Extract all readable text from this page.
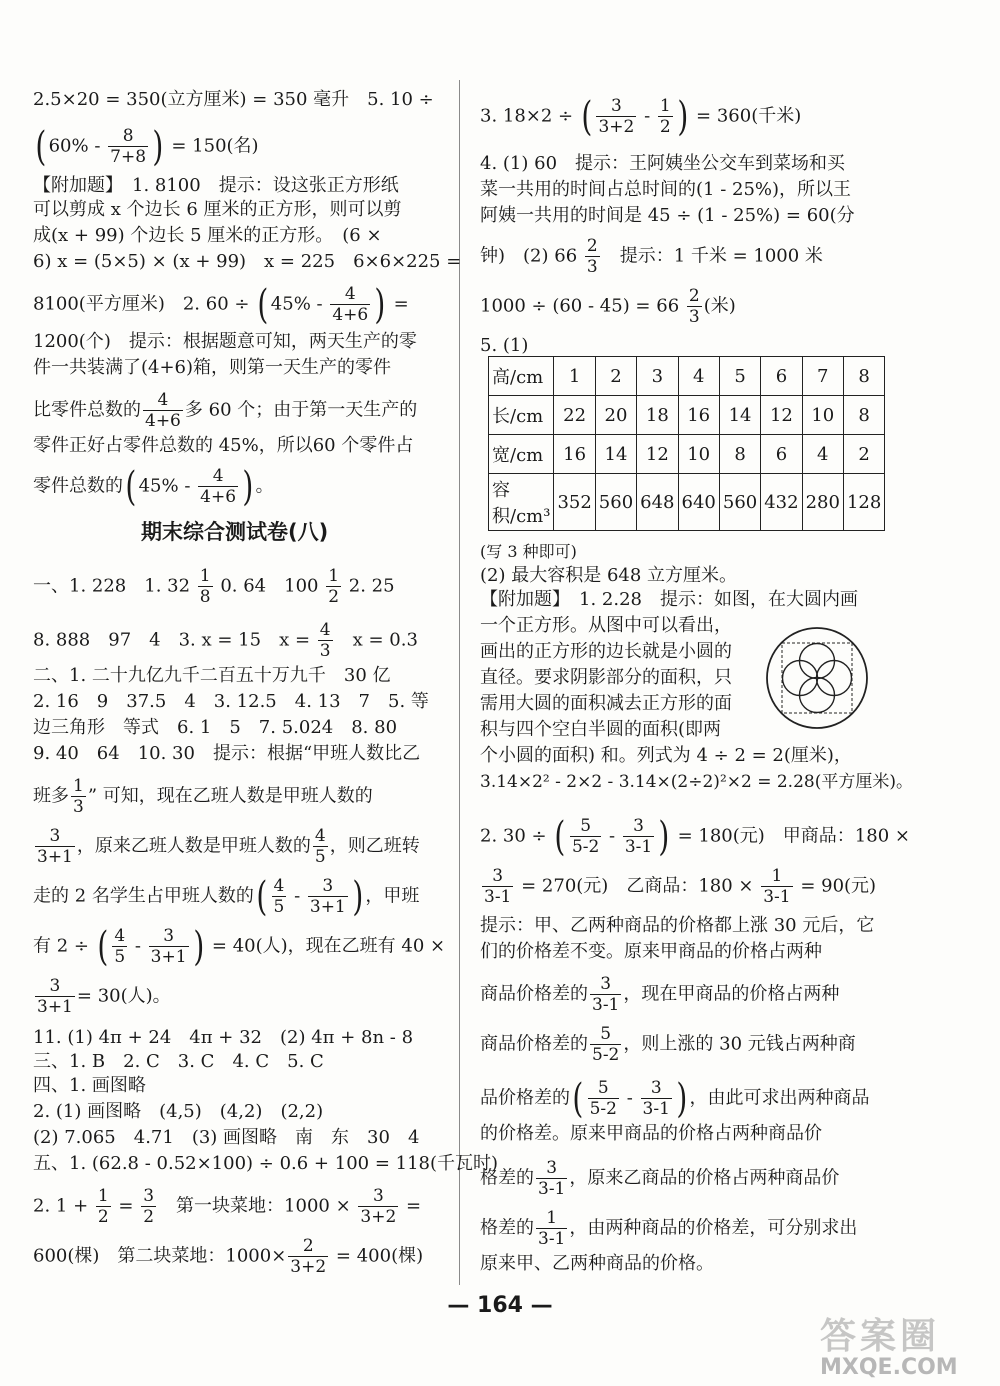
2.5×20 = 350(立方厘米) = 350 毫升　5. 10 ÷
( $60\% - \frac{8}{7+8}$ ) = 150(名)
【附加题】　1. 8100　提示：设这张正方形纸
可以剪成 x 个边长 6 厘米的正方形，则可以剪
成(x + 99) 个边长 5 厘米的正方形。　(6 ×
6) x = (5×5) × (x + 99)　x = 225　6×6×225 =
8100(平方厘米)　2. 60 ÷ ( $45\% - \frac{4}{4+6}$ ) =
1200(个)　提示：根据题意可知，两天生产的零
件一共装满了(4+6)箱，则第一天生产的零件
比零件总数的 $\frac{4}{4+6}$ 多 60 个；由于第一天生产的
零件正好占零件总数的 45%，所以60 个零件占
零件总数的( $45\% - \frac{4}{4+6}$ ) 。
期末综合测试卷(八)
一、1. 228　1. $32 \frac{1}{8} 0$. 64　$100 \frac{1}{2} 2$. 25
8. 888　97　4　3. x = 15　$x = \frac{4}{3}$ 　x = 0.3
二、1. 二十九亿九千二百五十万九千　30 亿
2. 16　9　37.5　4　3. 12.5　4. 13　7　5. 等
边三角形　等式　6. 1　5　7. 5.024　8. 80
9. 40　64　10. 30　提示：根据“甲班人数比乙
班多 $\frac{1}{3}$ ” 可知，现在乙班人数是甲班人数的
$\frac{3}{3+1}$ ，原来乙班人数是甲班人数的 $\frac{4}{5}$ ，则乙班转
走的 2 名学生占甲班人数的( $\frac{4}{5} - \frac{3}{3+1}$ ) ，甲班
有 2 ÷ ( $\frac{4}{5} - \frac{3}{3+1}$ ) = 40(人)，现在乙班有 40 ×
$\frac{3}{3+1} = 30$(人)。
11. (1) 4π + 24　4π + 32　(2) 4π + 8n - 8
三、1. B　2. C　3. C　4. C　5. C
四、1. 画图略
2. (1) 画图略　(4,5)　(4,2)　(2,2)
(2) 7.065　4.71　(3) 画图略　南　东　30　4
五、1. (62.8 - 0.52×100) ÷ 0.6 + 100 = 118(千瓦时)
2. $1 + \frac{1}{2} = \frac{3}{2}$ 　第一块菜地：$1000 \times \frac{3}{3+2}$ =
600(棵)　第二块菜地：$1000\times \frac{2}{3+2} = 400$(棵)
3. 18×2 ÷ ( $\frac{3}{3+2} - \frac{1}{2}$ ) = 360(千米)
4. (1) 60　提示：王阿姨坐公交车到菜场和买
菜一共用的时间占总时间的(1 - 25%)，所以王
阿姨一共用的时间是 45 ÷ (1 - 25%) = 60(分
钟)　(2) $66 \frac{2}{3}$ 　提示：1 千米 = 1000 米
$1000 \div (60 - 45) = 66 \frac{2}{3}$ (米)
5. (1)
高/cm	1	2	3	4	5	6	7	8
长/cm	22	20	18	16	14	12	10	8
宽/cm	16	14	12	10	8	6	4	2
容积/cm³	352	560	648	640	560	432	280	128
(写 3 种即可)
(2) 最大容积是 648 立方厘米。
【附加题】　1. 2.28　提示：如图，在大圆内画
一个正方形。从图中可以看出，
画出的正方形的边长就是小圆的
直径。要求阴影部分的面积，只
需用大圆的面积减去正方形的面
积与四个空白半圆的面积(即两
个小圆的面积) 和。列式为 4 ÷ 2 = 2(厘米)，
3.14×2² - 2×2 - 3.14×(2÷2)²×2 = 2.28(平方厘米)。
2. 30 ÷ ( $\frac{5}{5-2} - \frac{3}{3-1}$ ) = 180(元)　甲商品：180 ×
$\frac{3}{3-1} = 270$(元)　乙商品：$180 \times \frac{1}{3-1} = 90$(元)
提示：甲、乙两种商品的价格都上涨 30 元后，它
们的价格差不变。原来甲商品的价格占两种
商品价格差的 $\frac{3}{3-1}$ ，现在甲商品的价格占两种
商品价格差的 $\frac{5}{5-2}$ ，则上涨的 30 元钱占两种商
品价格差的( $\frac{5}{5-2} - \frac{3}{3-1}$ ) ，由此可求出两种商品
的价格差。原来甲商品的价格占两种商品价
格差的 $\frac{3}{3-1}$ ，原来乙商品的价格占两种商品价
格差的 $\frac{1}{3-1}$ ，由两种商品的价格差，可分别求出
原来甲、乙两种商品的价格。
— 164 —
答案圈
MXQE.COM
